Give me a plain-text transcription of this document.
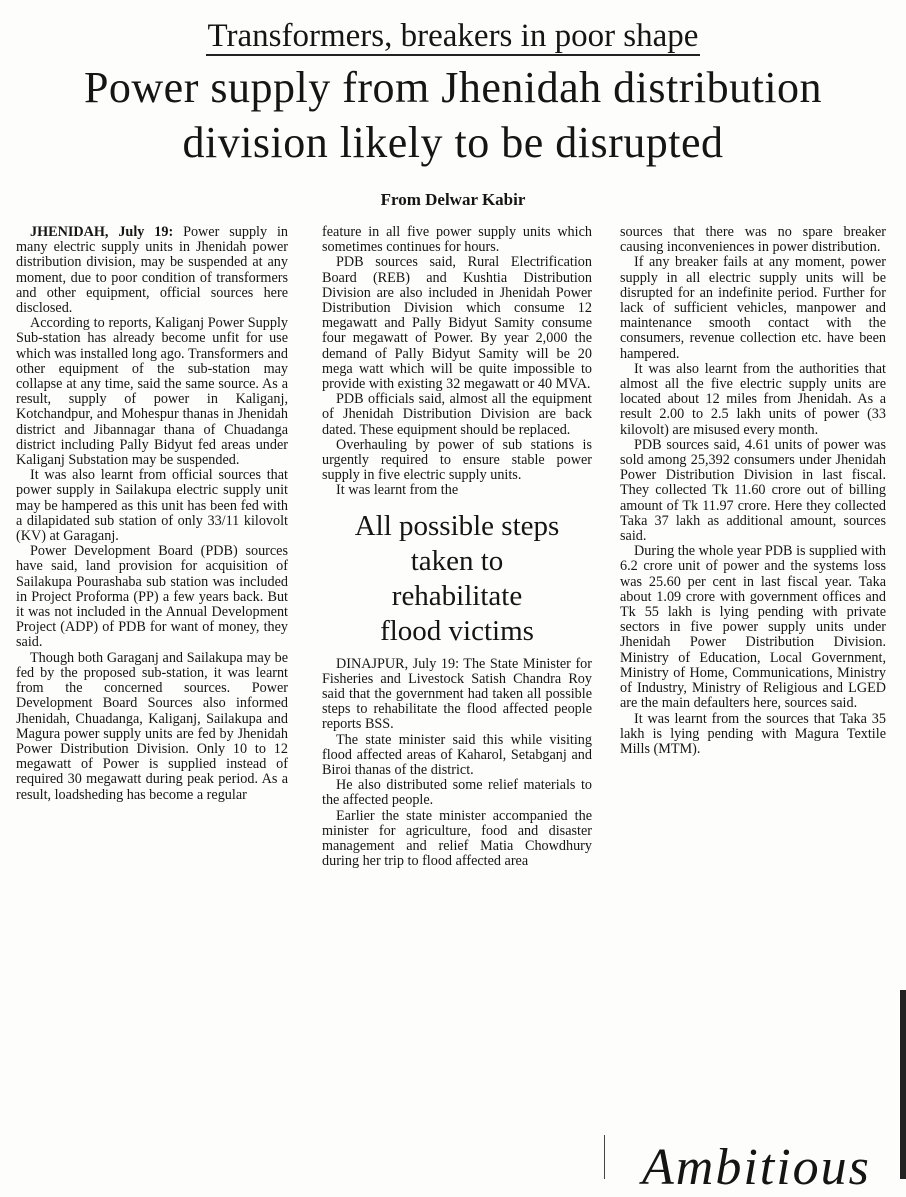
Transformers, breakers in poor shape
Power supply from Jhenidah distribution
division likely to be disrupted
From Delwar Kabir

JHENIDAH, July 19: Power supply in many electric supply units in Jhenidah power distribution division, may be suspended at any moment, due to poor condition of transformers and other equipment, official sources here disclosed.

According to reports, Kaliganj Power Supply Sub-station has already become unfit for use which was installed long ago. Transformers and other equipment of the sub-station may collapse at any time, said the same source. As a result, supply of power in Kaliganj, Kotchandpur, and Mohespur thanas in Jhenidah district and Jibannagar thana of Chuadanga district including Pally Bidyut fed areas under Kaliganj Substation may be suspended.

It was also learnt from official sources that power supply in Sailakupa electric supply unit may be hampered as this unit has been fed with a dilapidated sub station of only 33/11 kilovolt (KV) at Garaganj.

Power Development Board (PDB) sources have said, land provision for acquisition of Sailakupa Pourashaba sub station was included in Project Proforma (PP) a few years back. But it was not included in the Annual Development Project (ADP) of PDB for want of money, they said.

Though both Garaganj and Sailakupa may be fed by the proposed sub-station, it was learnt from the concerned sources. Power Development Board Sources also informed Jhenidah, Chuadanga, Kaliganj, Sailakupa and Magura power supply units are fed by Jhenidah Power Distribution Division. Only 10 to 12 megawatt of Power is supplied instead of required 30 megawatt during peak period. As a result, loadsheding has become a regular

feature in all five power supply units which sometimes continues for hours.

PDB sources said, Rural Electrification Board (REB) and Kushtia Distribution Division are also included in Jhenidah Power Distribution Division which consume 12 megawatt and Pally Bidyut Samity consume four megawatt of Power. By year 2,000 the demand of Pally Bidyut Samity will be 20 mega watt which will be quite impossible to provide with existing 32 megawatt or 40 MVA.

PDB officials said, almost all the equipment of Jhenidah Distribution Division are back dated. These equipment should be replaced.

Overhauling by power of sub stations is urgently required to ensure stable power supply in five electric supply units.

It was learnt from the

All possible steps
taken to
rehabilitate
flood victims

DINAJPUR, July 19: The State Minister for Fisheries and Livestock Satish Chandra Roy said that the government had taken all possible steps to rehabilitate the flood affected people reports BSS.

The state minister said this while visiting flood affected areas of Kaharol, Setabganj and Biroi thanas of the district.

He also distributed some relief materials to the affected people.

Earlier the state minister accompanied the minister for agriculture, food and disaster management and relief Matia Chowdhury during her trip to flood affected area

sources that there was no spare breaker causing inconveniences in power distribution.

If any breaker fails at any moment, power supply in all electric supply units will be disrupted for an indefinite period. Further for lack of sufficient vehicles, manpower and maintenance smooth contact with the consumers, revenue collection etc. have been hampered.

It was also learnt from the authorities that almost all the five electric supply units are located about 12 miles from Jhenidah. As a result 2.00 to 2.5 lakh units of power (33 kilovolt) are misused every month.

PDB sources said, 4.61 units of power was sold among 25,392 consumers under Jhenidah Power Distribution Division in last fiscal. They collected Tk 11.60 crore out of billing amount of Tk 11.97 crore. Here they collected Taka 37 lakh as additional amount, sources said.

During the whole year PDB is supplied with 6.2 crore unit of power and the systems loss was 25.60 per cent in last fiscal year. Taka about 1.09 crore with government offices and Tk 55 lakh is lying pending with private sectors in five power supply units under Jhenidah Power Distribution Division. Ministry of Education, Local Government, Ministry of Home, Communications, Ministry of Industry, Ministry of Religious and LGED are the main defaulters here, sources said.

It was learnt from the sources that Taka 35 lakh is lying pending with Magura Textile Mills (MTM).

Ambitious
